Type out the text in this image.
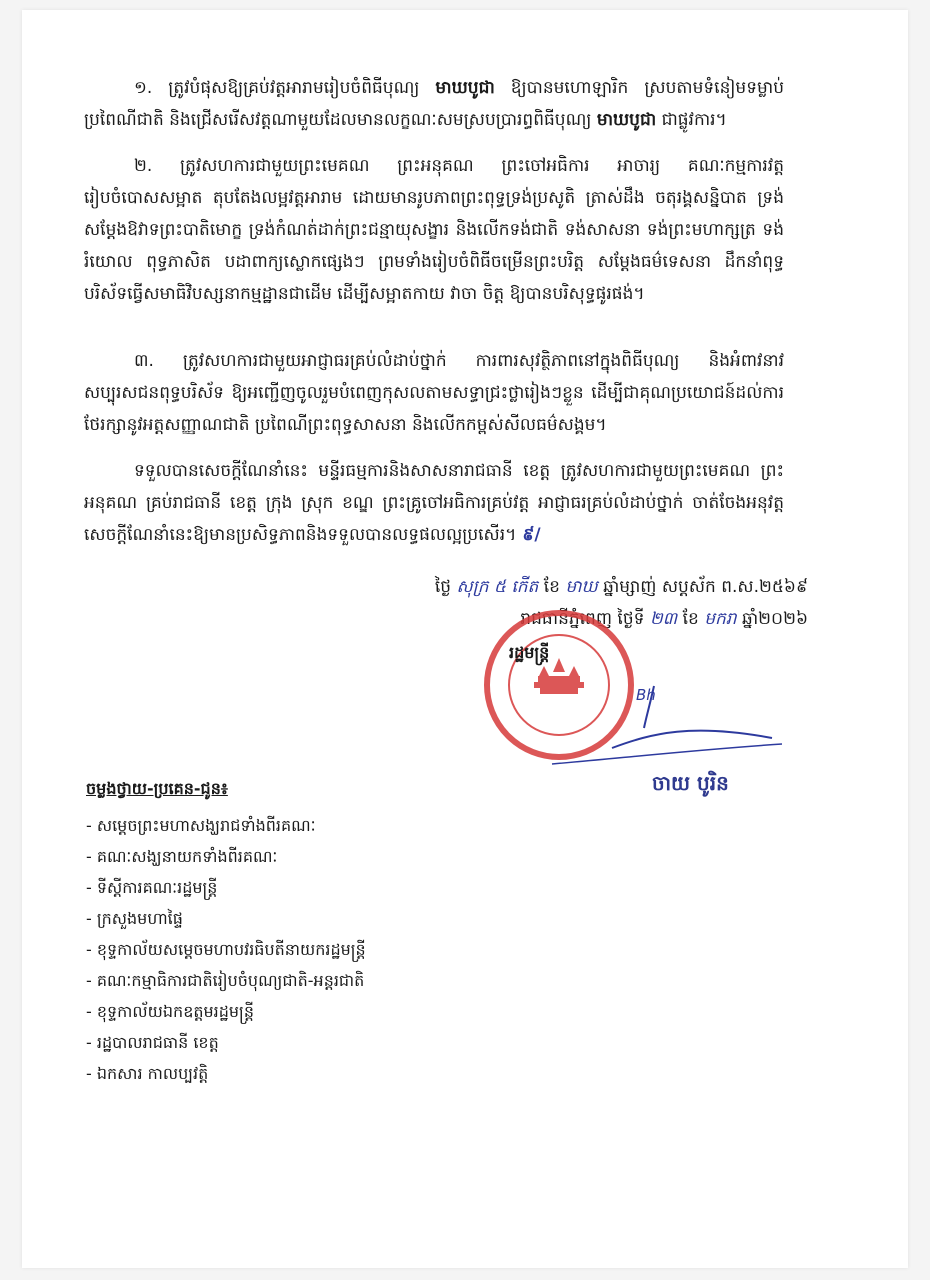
១. ត្រូវបំផុសឱ្យគ្រប់វត្តអារាមរៀបចំពិធីបុណ្យ មាឃបូជា ឱ្យបានមហោឡារិក ស្របតាមទំនៀមទម្លាប់ប្រពៃណីជាតិ និងជ្រើសរើសវត្តណាមួយដែលមានលក្ខណៈសមស្របប្រារព្ធពិធីបុណ្យ មាឃបូជា ជាផ្លូវការ។

២. ត្រូវសហការជាមួយព្រះមេគណ ព្រះអនុគណ ព្រះចៅអធិការ អាចារ្យ គណៈកម្មការវត្ត រៀបចំបោសសម្អាត តុបតែងលម្អវត្តអារាម ដោយមានរូបភាពព្រះពុទ្ធទ្រង់ប្រសូតិ ត្រាស់ដឹង ចតុរង្គសន្និបាត ទ្រង់សម្ដែងឱវាទព្រះបាតិមោក្ខ ទ្រង់កំណត់ដាក់ព្រះជន្មាយុសង្ខារ និងលើកទង់ជាតិ ទង់សាសនា ទង់ព្រះមហាក្សត្រ ទង់រំយោល ពុទ្ធភាសិត បដាពាក្យស្លោកផ្សេងៗ ព្រមទាំងរៀបចំពិធីចម្រើនព្រះបរិត្ត សម្ដែងធម៌ទេសនា ដឹកនាំពុទ្ធបរិស័ទធ្វើសមាធិវិបស្សនាកម្មដ្ឋានជាដើម ដើម្បីសម្អាតកាយ វាចា ចិត្ត ឱ្យបានបរិសុទ្ធផូរផង់។

៣. ត្រូវសហការជាមួយអាជ្ញាធរគ្រប់លំដាប់ថ្នាក់ ការពារសុវត្ថិភាពនៅក្នុងពិធីបុណ្យ និងអំពាវនាវសប្បុរសជនពុទ្ធបរិស័ទ ឱ្យអញ្ជើញចូលរួមបំពេញកុសលតាមសទ្ធាជ្រះថ្លារៀងៗខ្លួន ដើម្បីជាគុណប្រយោជន៍ដល់ការថែរក្សានូវអត្តសញ្ញាណជាតិ ប្រពៃណីព្រះពុទ្ធសាសនា និងលើកកម្ពស់សីលធម៌សង្គម។

ទទួលបានសេចក្ដីណែនាំនេះ មន្ទីរធម្មការនិងសាសនារាជធានី ខេត្ត ត្រូវសហការជាមួយព្រះមេគណ ព្រះអនុគណ គ្រប់រាជធានី ខេត្ត ក្រុង ស្រុក ខណ្ឌ ព្រះគ្រូចៅអធិការគ្រប់វត្ត អាជ្ញាធរគ្រប់លំដាប់ថ្នាក់ ចាត់ចែងអនុវត្តសេចក្ដីណែនាំនេះឱ្យមានប្រសិទ្ធភាពនិងទទួលបានលទ្ធផលល្អប្រសើរ។ ៩/

ថ្ងៃ សុក្រ ៥ កើត ខែ មាឃ ឆ្នាំម្សាញ់ សប្តស័ក ព.ស.២៥៦៩
រាជធានីភ្នំពេញ ថ្ងៃទី ២៣ ខែ មករា ឆ្នាំ២០២៦
រដ្ឋមន្ត្រី
Bh
ចាយ បូរិន
ចម្លងថ្វាយ-ប្រគេន-ជូន៖
- សម្ដេចព្រះមហាសង្ឃរាជទាំងពីរគណៈ
- គណៈសង្ឃនាយកទាំងពីរគណៈ
- ទីស្ដីការគណៈរដ្ឋមន្ត្រី
- ក្រសួងមហាផ្ទៃ
- ខុទ្ទកាល័យសម្ដេចមហាបវរធិបតីនាយករដ្ឋមន្ត្រី
- គណៈកម្មាធិការជាតិរៀបចំបុណ្យជាតិ-អន្តរជាតិ
- ខុទ្ទកាល័យឯកឧត្តមរដ្ឋមន្ត្រី
- រដ្ឋបាលរាជធានី ខេត្ត
- ឯកសារ កាលប្បវត្តិ
